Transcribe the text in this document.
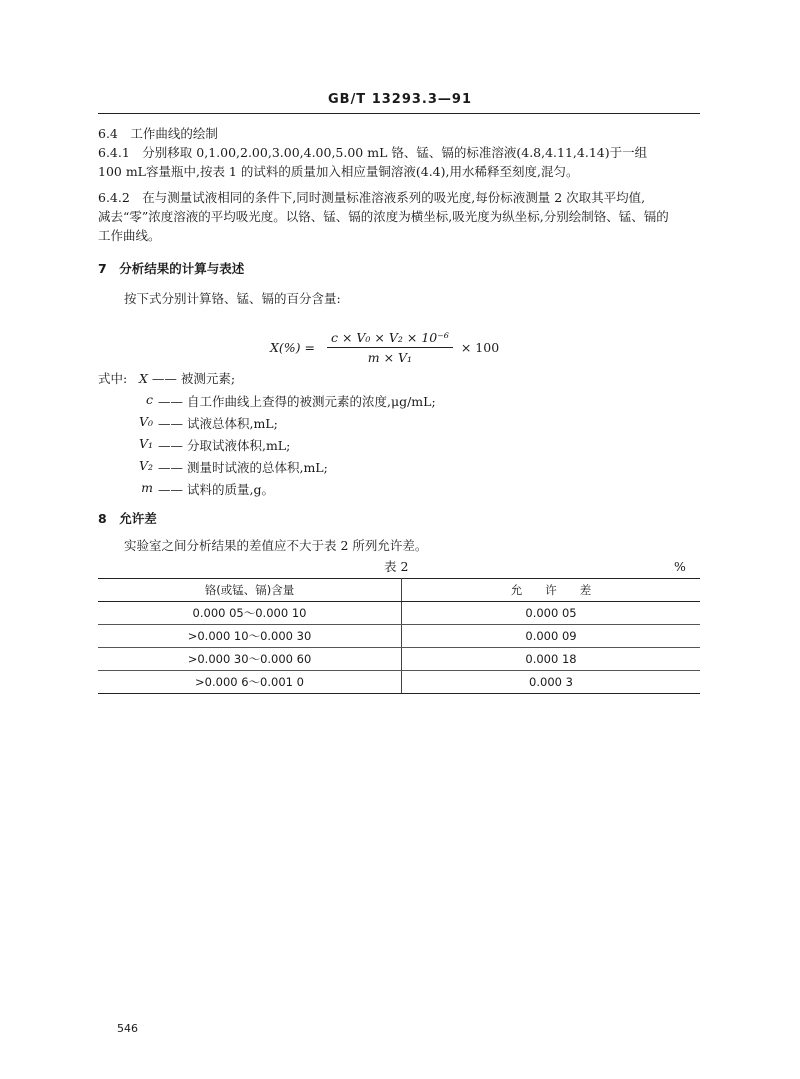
GB/T 13293.3—91
6.4　工作曲线的绘制
6.4.1　分别移取 0,1.00,2.00,3.00,4.00,5.00 mL 铬、锰、镉的标准溶液(4.8,4.11,4.14)于一组
100 mL容量瓶中,按表 1 的试料的质量加入相应量铜溶液(4.4),用水稀释至刻度,混匀。
6.4.2　在与测量试液相同的条件下,同时测量标准溶液系列的吸光度,每份标液测量 2 次取其平均值,
减去“零”浓度溶液的平均吸光度。以铬、锰、镉的浓度为横坐标,吸光度为纵坐标,分别绘制铬、锰、镉的
工作曲线。
7　分析结果的计算与表述
按下式分别计算铬、锰、镉的百分含量:
$X(\%) = \frac{\text{c × V₀ × V₂ × 10⁻⁶}}{\text{m × V₁}} \times 100$
式中: X —— 被测元素;
c —— 自工作曲线上查得的被测元素的浓度,μg/mL;
V₀ —— 试液总体积,mL;
V₁ —— 分取试液体积,mL;
V₂ —— 测量时试液的总体积,mL;
m —— 试料的质量,g。
8　允许差
实验室之间分析结果的差值应不大于表 2 所列允许差。
表 2	%
铬(或锰、镉)含量	允　　许　　差
0.000 05～0.000 10	0.000 05
>0.000 10～0.000 30	0.000 09
>0.000 30～0.000 60	0.000 18
>0.000 6～0.001 0	0.000 3
546
